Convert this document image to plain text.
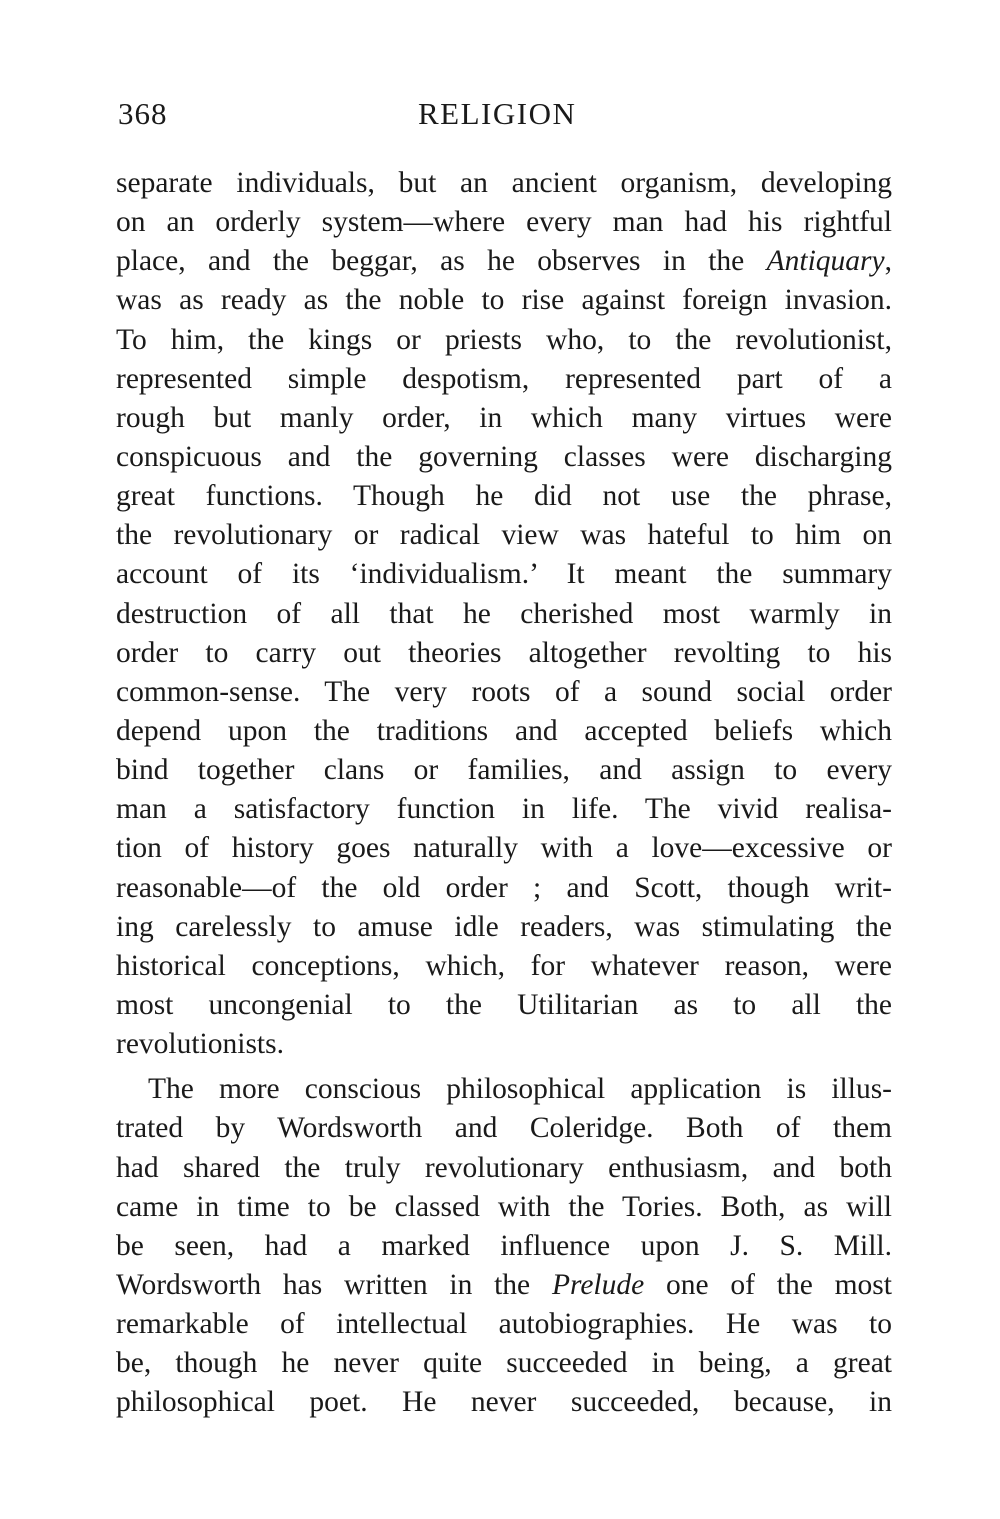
368	RELIGION
separate individuals, but an ancient organism, developing
on an orderly system—where every man had his rightful
place, and the beggar, as he observes in the Antiquary,
was as ready as the noble to rise against foreign invasion.
To him, the kings or priests who, to the revolutionist,
represented simple despotism, represented part of a
rough but manly order, in which many virtues were
conspicuous and the governing classes were discharging
great functions. Though he did not use the phrase,
the revolutionary or radical view was hateful to him on
account of its ‘individualism.’ It meant the summary
destruction of all that he cherished most warmly in
order to carry out theories altogether revolting to his
common-sense. The very roots of a sound social order
depend upon the traditions and accepted beliefs which
bind together clans or families, and assign to every
man a satisfactory function in life. The vivid realisa-
tion of history goes naturally with a love—excessive or
reasonable—of the old order ; and Scott, though writ-
ing carelessly to amuse idle readers, was stimulating the
historical conceptions, which, for whatever reason, were
most uncongenial to the Utilitarian as to all the
revolutionists.
The more conscious philosophical application is illus-
trated by Wordsworth and Coleridge. Both of them
had shared the truly revolutionary enthusiasm, and both
came in time to be classed with the Tories. Both, as will
be seen, had a marked influence upon J. S. Mill.
Wordsworth has written in the Prelude one of the most
remarkable of intellectual autobiographies. He was to
be, though he never quite succeeded in being, a great
philosophical poet. He never succeeded, because, in
